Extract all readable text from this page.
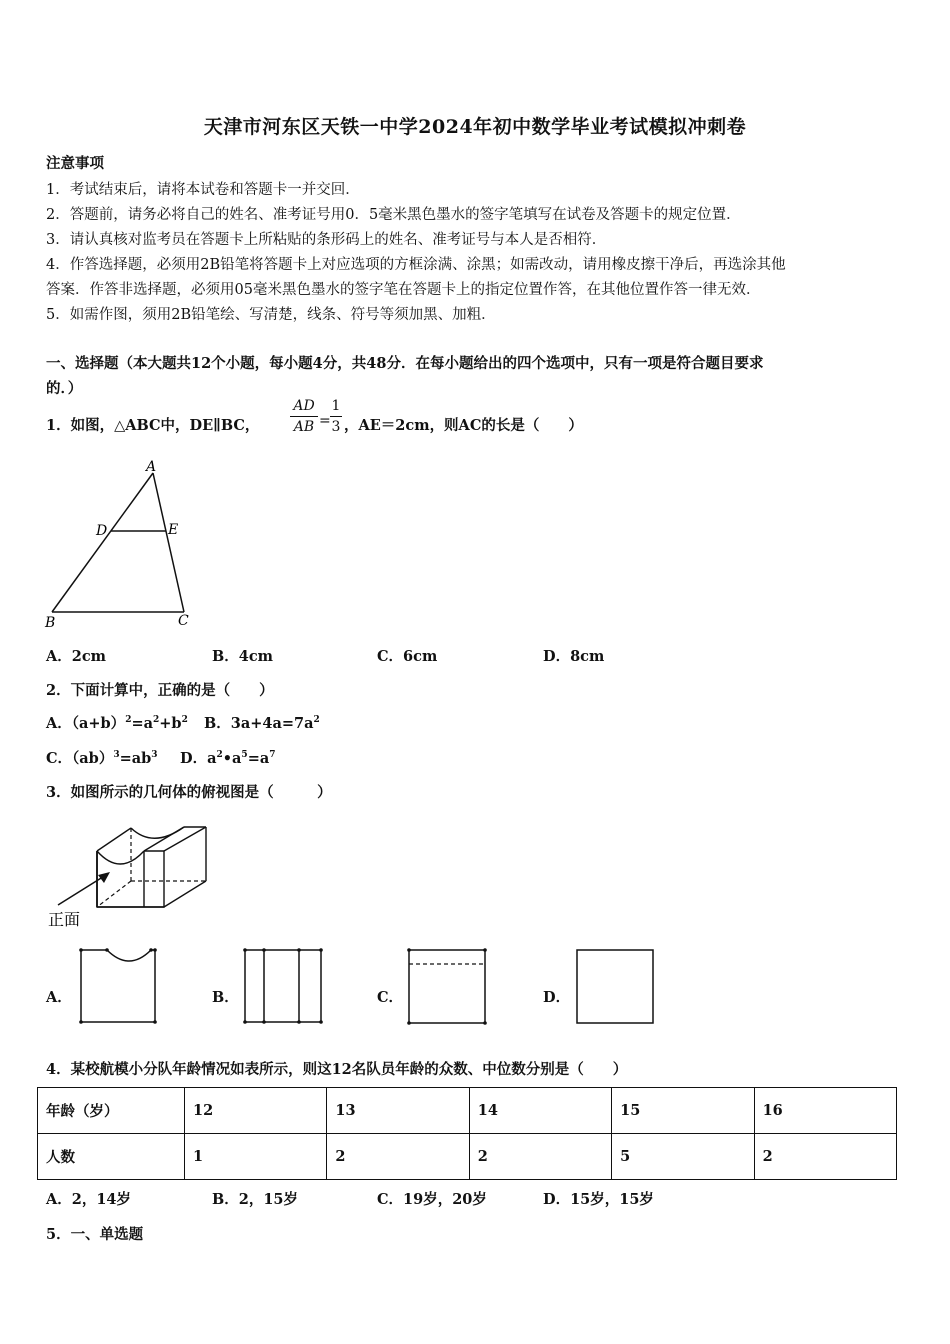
天津市河东区天铁一中学2024年初中数学毕业考试模拟冲刺卷
注意事项
1．考试结束后，请将本试卷和答题卡一并交回．
2．答题前，请务必将自己的姓名、准考证号用0．5毫米黑色墨水的签字笔填写在试卷及答题卡的规定位置．
3．请认真核对监考员在答题卡上所粘贴的条形码上的姓名、准考证号与本人是否相符．
4．作答选择题，必须用2B铅笔将答题卡上对应选项的方框涂满、涂黑；如需改动，请用橡皮擦干净后，再选涂其他
答案．作答非选择题，必须用05毫米黑色墨水的签字笔在答题卡上的指定位置作答，在其他位置作答一律无效．
5．如需作图，须用2B铅笔绘、写清楚，线条、符号等须加黑、加粗．
一、选择题（本大题共12个小题，每小题4分，共48分．在每小题给出的四个选项中，只有一项是符合题目要求
的．）
1．如图，△ABC中，DE∥BC，
AD
AB =
1
3 ，AE＝2cm，则AC的长是（　　）
A
D	E
B	C
A．2cm	B．4cm	C．6cm	D．8cm
2．下面计算中，正确的是（　　）
A．$(a+b)^2=a^2+b^2$ B．$3a+4a=7a^2$
C．$(ab)^3=ab^3$ D．$a^2•a^5=a^7$
3．如图所示的几何体的俯视图是（　　　）
正面
A．	B．	C．	D．
4．某校航模小分队年龄情况如表所示，则这12名队员年龄的众数、中位数分别是（　　）
年龄（岁）	12	13	14	15	16
人数	1	2	2	5	2
A．2，14岁	B．2，15岁	C．19岁，20岁	D．15岁，15岁
5．一、单选题
